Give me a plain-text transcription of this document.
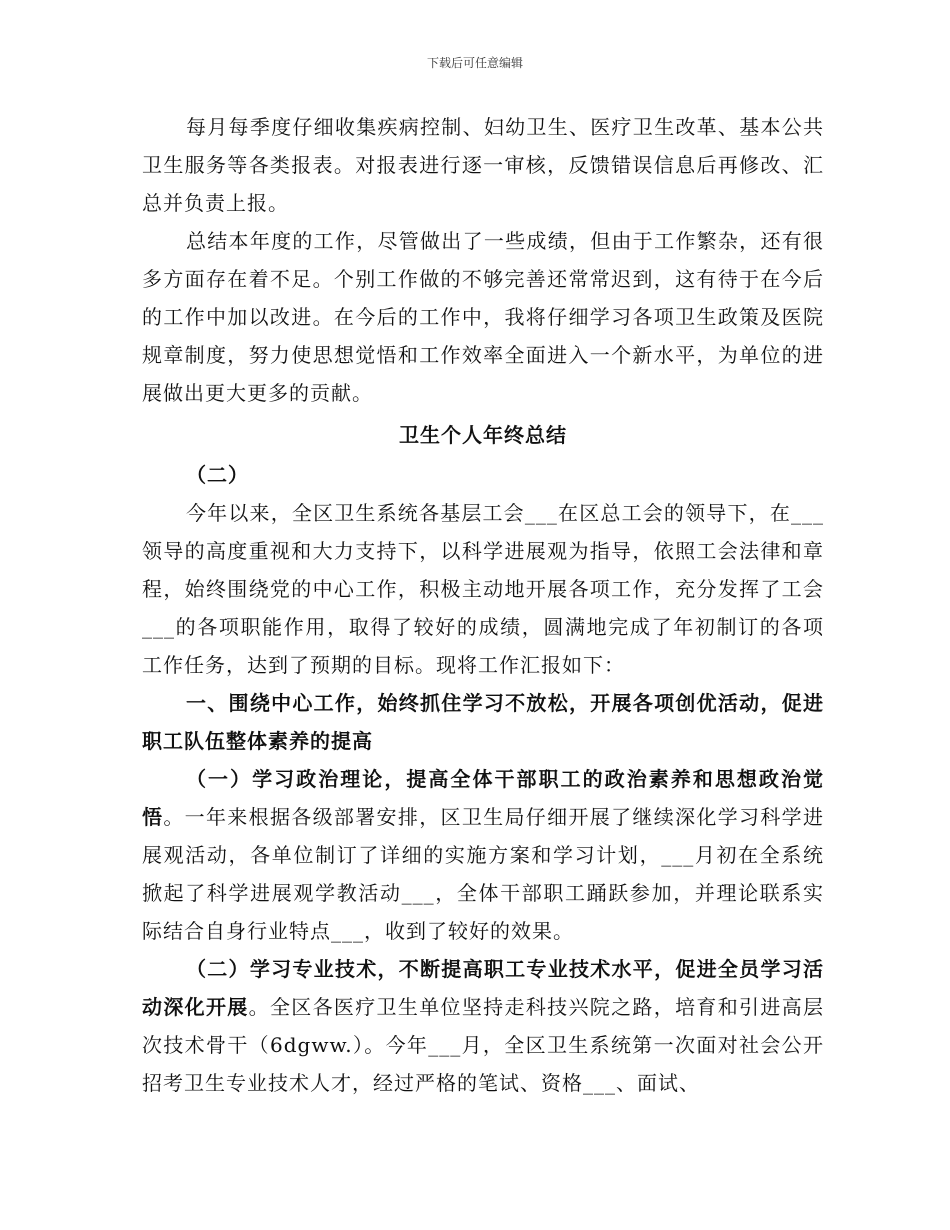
下载后可任意编辑

每月每季度仔细收集疾病控制、妇幼卫生、医疗卫生改革、基本公共卫生服务等各类报表。对报表进行逐一审核，反馈错误信息后再修改、汇总并负责上报。

总结本年度的工作，尽管做出了一些成绩，但由于工作繁杂，还有很多方面存在着不足。个别工作做的不够完善还常常迟到，这有待于在今后的工作中加以改进。在今后的工作中，我将仔细学习各项卫生政策及医院规章制度，努力使思想觉悟和工作效率全面进入一个新水平，为单位的进展做出更大更多的贡献。

卫生个人年终总结

（二）

今年以来，全区卫生系统各基层工会___在区总工会的领导下，在___领导的高度重视和大力支持下，以科学进展观为指导，依照工会法律和章程，始终围绕党的中心工作，积极主动地开展各项工作，充分发挥了工会___的各项职能作用，取得了较好的成绩，圆满地完成了年初制订的各项工作任务，达到了预期的目标。现将工作汇报如下：

一、围绕中心工作，始终抓住学习不放松，开展各项创优活动，促进职工队伍整体素养的提高

（一）学习政治理论，提高全体干部职工的政治素养和思想政治觉悟。一年来根据各级部署安排，区卫生局仔细开展了继续深化学习科学进展观活动，各单位制订了详细的实施方案和学习计划，___月初在全系统掀起了科学进展观学教活动___，全体干部职工踊跃参加，并理论联系实际结合自身行业特点___，收到了较好的效果。

（二）学习专业技术，不断提高职工专业技术水平，促进全员学习活动深化开展。全区各医疗卫生单位坚持走科技兴院之路，培育和引进高层次技术骨干（6dgww.）。今年___月，全区卫生系统第一次面对社会公开招考卫生专业技术人才，经过严格的笔试、资格___、面试、
